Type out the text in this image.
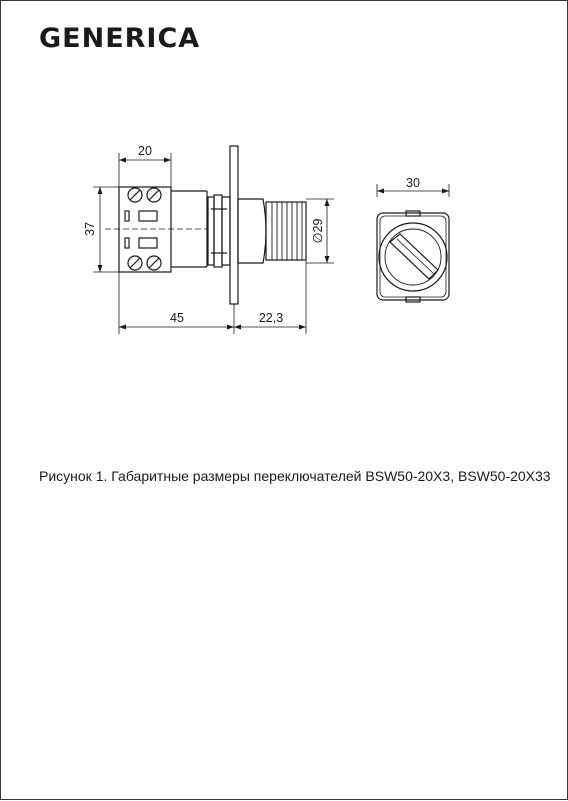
GENERICA
20
37
45	22,3
∅29
30
Рисунок 1. Габаритные размеры переключателей BSW50-20X3, BSW50-20X33
